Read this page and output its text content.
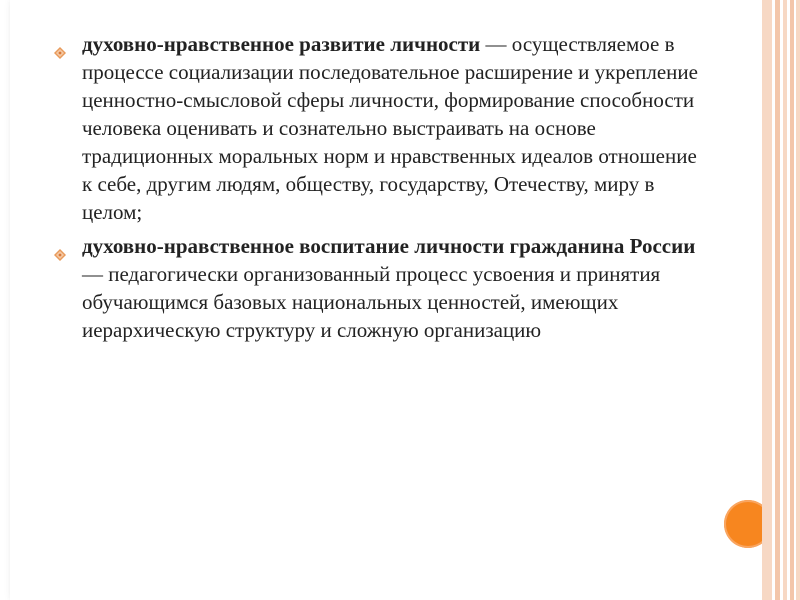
духовно-нравственное развитие личности — осуществляемое в процессе социализации последовательное расширение и укрепление ценностно-смысловой сферы личности, формирование способности человека оценивать и сознательно выстраивать на основе традиционных моральных норм и нравственных идеалов отношение к себе, другим людям, обществу, государству, Отечеству, миру в целом;
духовно-нравственное воспитание личности гражданина России — педагогически организованный процесс усвоения и принятия обучающимся базовых национальных ценностей, имеющих иерархическую структуру и сложную организацию
